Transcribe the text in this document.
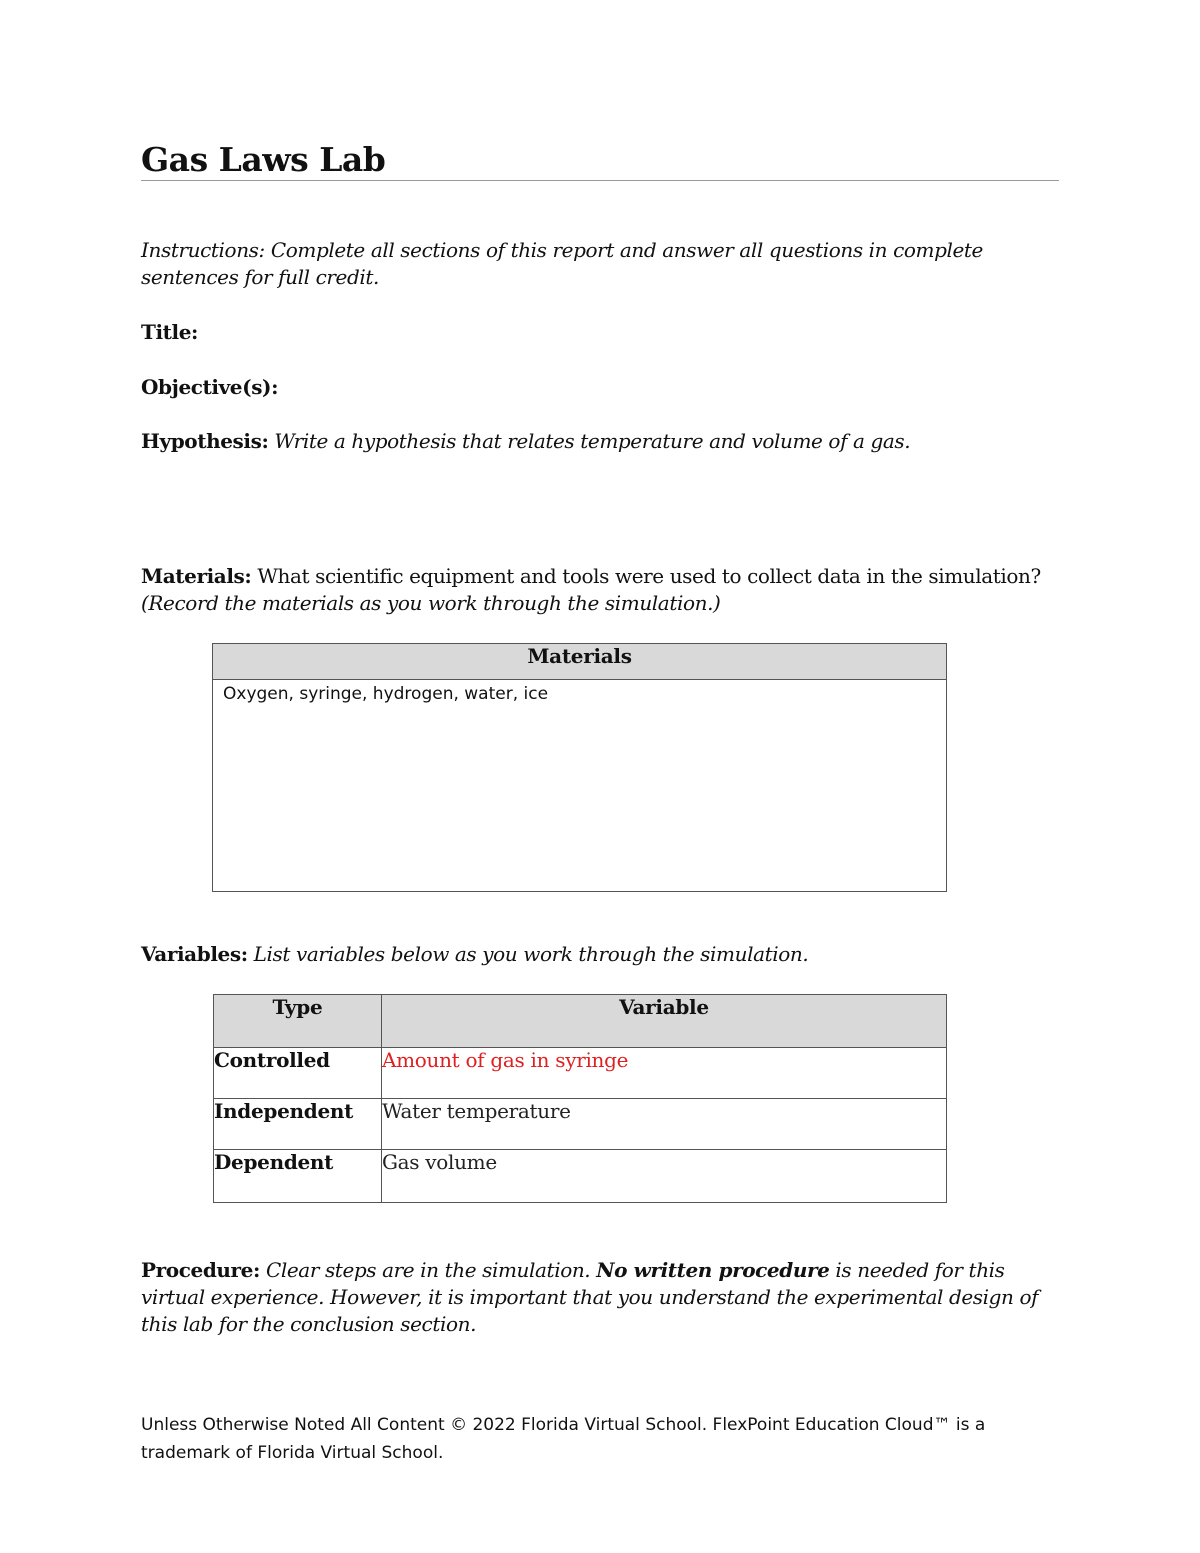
Gas Laws Lab
Instructions: Complete all sections of this report and answer all questions in complete sentences for full credit.
Title:
Objective(s):
Hypothesis: Write a hypothesis that relates temperature and volume of a gas.
Materials: What scientific equipment and tools were used to collect data in the simulation?
(Record the materials as you work through the simulation.)
Materials
Oxygen, syringe, hydrogen, water, ice
Variables: List variables below as you work through the simulation.
Type	Variable
Controlled	Amount of gas in syringe
Independent	Water temperature
Dependent	Gas volume
Procedure: Clear steps are in the simulation. No written procedure is needed for this virtual experience. However, it is important that you understand the experimental design of this lab for the conclusion section.
Unless Otherwise Noted All Content © 2022 Florida Virtual School. FlexPoint Education Cloud™ is a trademark of Florida Virtual School.
